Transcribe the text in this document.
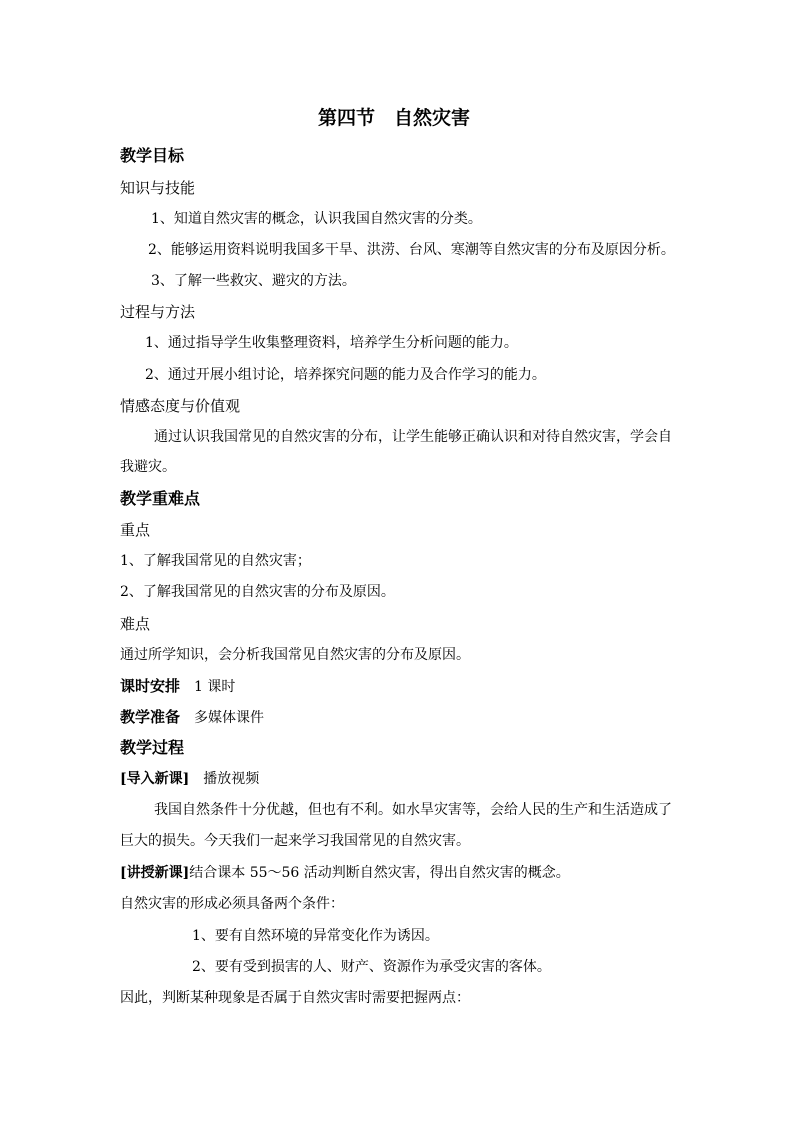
第四节　自然灾害
教学目标
知识与技能
1、知道自然灾害的概念，认识我国自然灾害的分类。
2、能够运用资料说明我国多干旱、洪涝、台风、寒潮等自然灾害的分布及原因分析。
3、了解一些救灾、避灾的方法。
过程与方法
1、通过指导学生收集整理资料，培养学生分析问题的能力。
2、通过开展小组讨论，培养探究问题的能力及合作学习的能力。
情感态度与价值观
通过认识我国常见的自然灾害的分布，让学生能够正确认识和对待自然灾害，学会自
我避灾。
教学重难点
重点
1、了解我国常见的自然灾害；
2、了解我国常见的自然灾害的分布及原因。
难点
通过所学知识，会分析我国常见自然灾害的分布及原因。
课时安排 1 课时
教学准备 多媒体课件
教学过程
[导入新课] 播放视频
我国自然条件十分优越，但也有不利。如水旱灾害等，会给人民的生产和生活造成了
巨大的损失。今天我们一起来学习我国常见的自然灾害。
[讲授新课]结合课本 55～56 活动判断自然灾害，得出自然灾害的概念。
自然灾害的形成必须具备两个条件：
1、要有自然环境的异常变化作为诱因。
2、要有受到损害的人、财产、资源作为承受灾害的客体。
因此，判断某种现象是否属于自然灾害时需要把握两点：
